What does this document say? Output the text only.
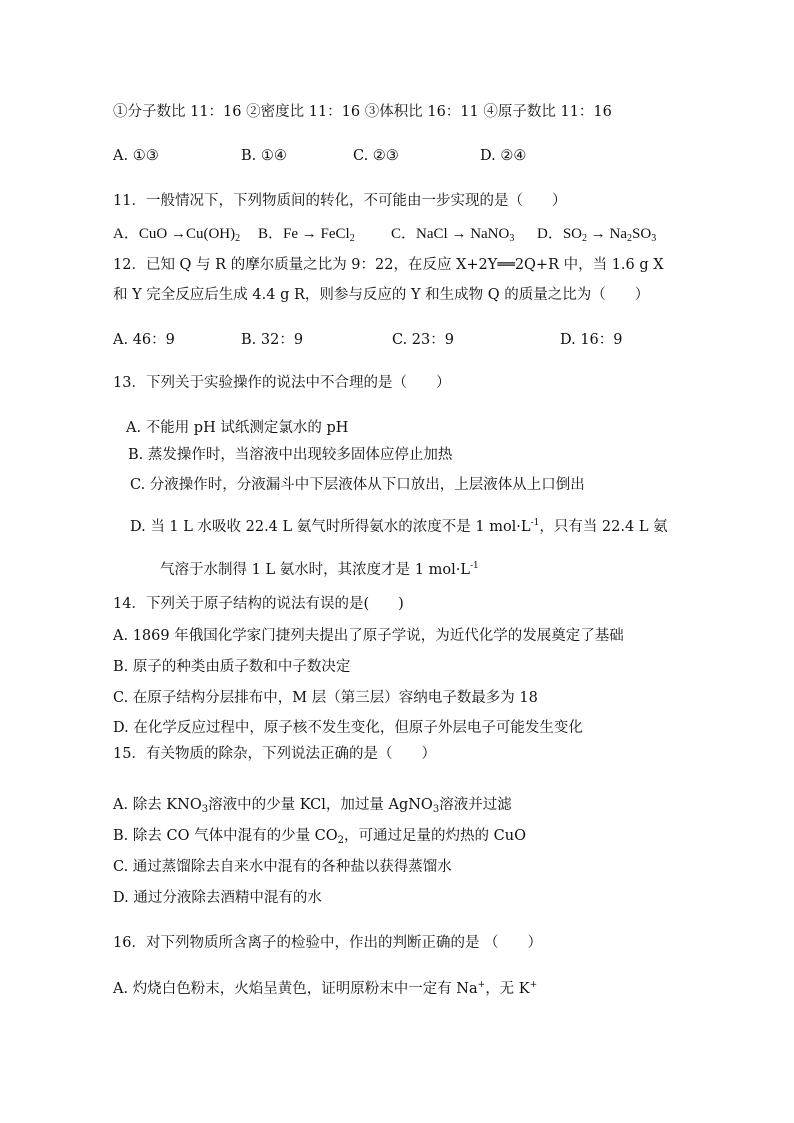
①分子数比 11：16 ②密度比 11：16 ③体积比 16：11 ④原子数比 11：16
A. ①③	B. ①④	C. ②③	D. ②④
11．一般情况下，下列物质间的转化，不可能由一步实现的是（　　）
A．CuO $\to Cu(OH)_2$ B．Fe → FeCl$_2$ C．NaCl → NaNO$_3$ D．$SO_2 \to Na_2SO_3$
12．已知 Q 与 R 的摩尔质量之比为 9：22，在反应 X+2Y══2Q+R 中，当 1.6 g X
和 Y 完全反应后生成 4.4 g R，则参与反应的 Y 和生成物 Q 的质量之比为（　　）
A. 46：9	B. 32：9	C. 23：9	D. 16：9
13．下列关于实验操作的说法中不合理的是（　　）
A. 不能用 pH 试纸测定氯水的 pH
B. 蒸发操作时，当溶液中出现较多固体应停止加热
C. 分液操作时，分液漏斗中下层液体从下口放出，上层液体从上口倒出
D. 当 1 L 水吸收 22.4 L 氨气时所得氨水的浓度不是 1 $mol\cdot L^{-1}$，只有当 22.4 L 氨
气溶于水制得 1 L 氨水时，其浓度才是 1 $mol\cdot L^{-1}$
14．下列关于原子结构的说法有误的是(　　)
A. 1869 年俄国化学家门捷列夫提出了原子学说，为近代化学的发展奠定了基础
B. 原子的种类由质子数和中子数决定
C. 在原子结构分层排布中，M 层（第三层）容纳电子数最多为 18
D. 在化学反应过程中，原子核不发生变化，但原子外层电子可能发生变化
15．有关物质的除杂，下列说法正确的是（　　）
A. 除去 $KNO_3$溶液中的少量 KCl，加过量 AgNO$_3$溶液并过滤
B. 除去 CO 气体中混有的少量 $CO_2$，可通过足量的灼热的 CuO
C. 通过蒸馏除去自来水中混有的各种盐以获得蒸馏水
D. 通过分液除去酒精中混有的水
16．对下列物质所含离子的检验中，作出的判断正确的是 （　　）
A. 灼烧白色粉末，火焰呈黄色，证明原粉末中一定有 Na+，无 K+
